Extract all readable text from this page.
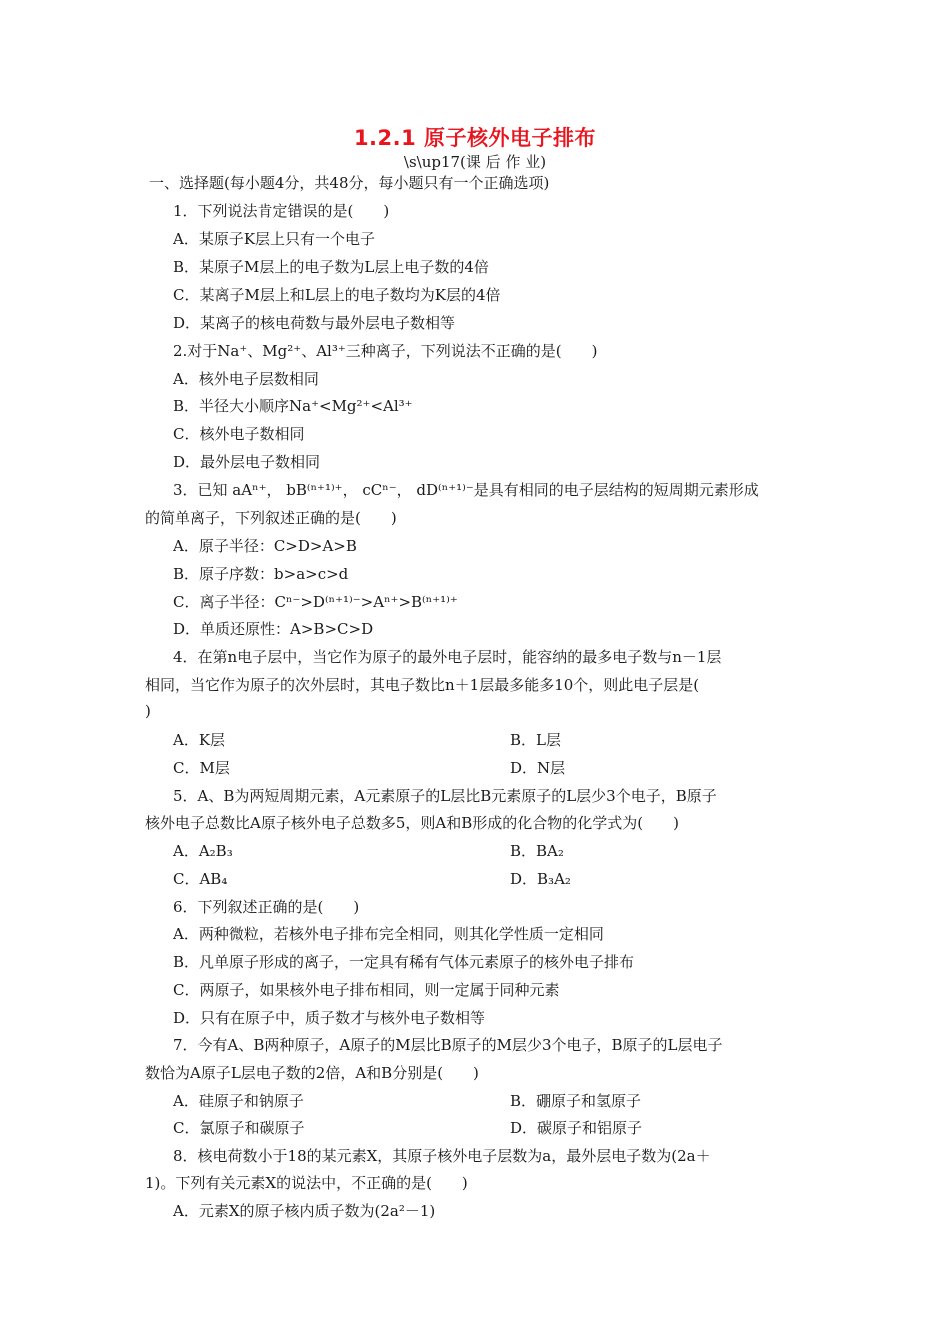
1.2.1 原子核外电子排布
\s\up17(课 后 作 业)
一、选择题(每小题4分，共48分，每小题只有一个正确选项)
1．下列说法肯定错误的是(　　)
A．某原子K层上只有一个电子
B．某原子M层上的电子数为L层上电子数的4倍
C．某离子M层上和L层上的电子数均为K层的4倍
D．某离子的核电荷数与最外层电子数相等
2.对于Na⁺、Mg²⁺、Al³⁺三种离子，下列说法不正确的是(　　)
A．核外电子层数相同
B．半径大小顺序Na⁺<Mg²⁺<Al³⁺
C．核外电子数相同
D．最外层电子数相同
3．已知 aAⁿ⁺， bB⁽ⁿ⁺¹⁾⁺， cCⁿ⁻， dD⁽ⁿ⁺¹⁾⁻是具有相同的电子层结构的短周期元素形成
的简单离子，下列叙述正确的是(　　)
A．原子半径：C>D>A>B
B．原子序数：b>a>c>d
C．离子半径：Cⁿ⁻>D⁽ⁿ⁺¹⁾⁻>Aⁿ⁺>B⁽ⁿ⁺¹⁾⁺
D．单质还原性：A>B>C>D
4．在第n电子层中，当它作为原子的最外电子层时，能容纳的最多电子数与n－1层
相同，当它作为原子的次外层时，其电子数比n＋1层最多能多10个，则此电子层是(
)
A．K层	B．L层
C．M层	D．N层
5．A、B为两短周期元素，A元素原子的L层比B元素原子的L层少3个电子，B原子
核外电子总数比A原子核外电子总数多5，则A和B形成的化合物的化学式为(　　)
A．A₂B₃	B．BA₂
C．AB₄	D．B₃A₂
6．下列叙述正确的是(　　)
A．两种微粒，若核外电子排布完全相同，则其化学性质一定相同
B．凡单原子形成的离子，一定具有稀有气体元素原子的核外电子排布
C．两原子，如果核外电子排布相同，则一定属于同种元素
D．只有在原子中，质子数才与核外电子数相等
7．今有A、B两种原子，A原子的M层比B原子的M层少3个电子，B原子的L层电子
数恰为A原子L层电子数的2倍，A和B分别是(　　)
A．硅原子和钠原子	B．硼原子和氢原子
C．氯原子和碳原子	D．碳原子和铝原子
8．核电荷数小于18的某元素X，其原子核外电子层数为a，最外层电子数为(2a＋
1)。下列有关元素X的说法中，不正确的是(　　)
A．元素X的原子核内质子数为(2a²－1)
